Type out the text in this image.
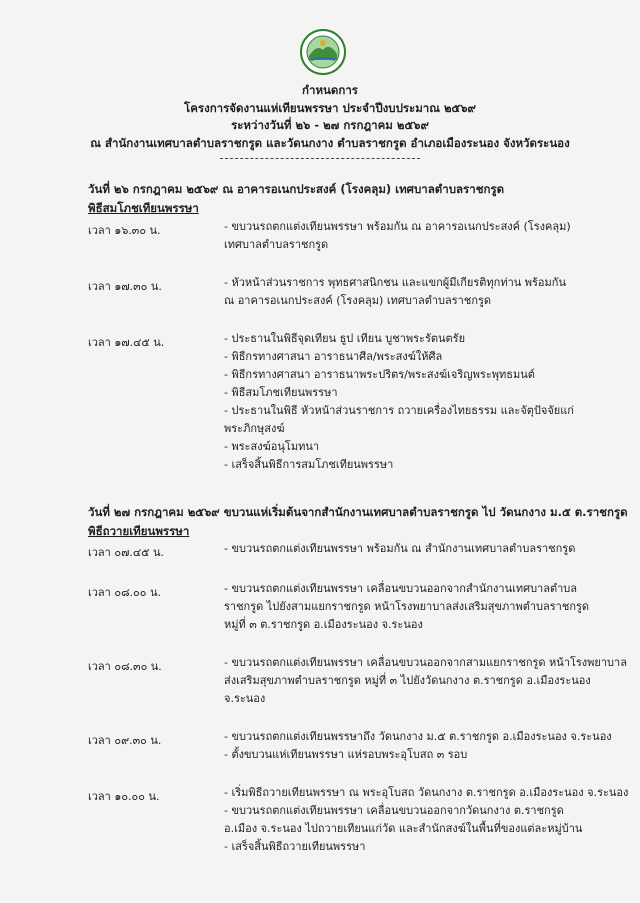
กำหนดการ
โครงการจัดงานแห่เทียนพรรษา ประจำปีงบประมาณ ๒๕๖๙
ระหว่างวันที่ ๒๖ - ๒๗ กรกฎาคม ๒๕๖๙
ณ สำนักงานเทศบาลตำบลราชกรูด และวัดนกงาง ตำบลราชกรูด อำเภอเมืองระนอง จังหวัดระนอง
วันที่ ๒๖ กรกฎาคม ๒๕๖๙ ณ อาคารอเนกประสงค์ (โรงคลุม) เทศบาลตำบลราชกรูด
พิธีสมโภชเทียนพรรษา
เวลา ๑๖.๓๐ น.	- ขบวนรถตกแต่งเทียนพรรษา พร้อมกัน ณ อาคารอเนกประสงค์ (โรงคลุม)
เทศบาลตำบลราชกรูด
เวลา ๑๗.๓๐ น.	- หัวหน้าส่วนราชการ พุทธศาสนิกชน และแขกผู้มีเกียรติทุกท่าน พร้อมกัน
ณ อาคารอเนกประสงค์ (โรงคลุม) เทศบาลตำบลราชกรูด
เวลา ๑๗.๔๕ น.	- ประธานในพิธีจุดเทียน ธูป เทียน บูชาพระรัตนตรัย
- พิธีกรทางศาสนา อาราธนาศีล/พระสงฆ์ให้ศีล
- พิธีกรทางศาสนา อาราธนาพระปริตร/พระสงฆ์เจริญพระพุทธมนต์
- พิธีสมโภชเทียนพรรษา
- ประธานในพิธี หัวหน้าส่วนราชการ ถวายเครื่องไทยธรรม และจัตุปัจจัยแก่
พระภิกษุสงฆ์
- พระสงฆ์อนุโมทนา
- เสร็จสิ้นพิธีการสมโภชเทียนพรรษา
วันที่ ๒๗ กรกฎาคม ๒๕๖๙ ขบวนแห่เริ่มต้นจากสำนักงานเทศบาลตำบลราชกรูด ไป วัดนกงาง ม.๕ ต.ราชกรูด
พิธีถวายเทียนพรรษา
เวลา ๐๗.๔๕ น.	- ขบวนรถตกแต่งเทียนพรรษา พร้อมกัน ณ สำนักงานเทศบาลตำบลราชกรูด
เวลา ๐๘.๐๐ น.	- ขบวนรถตกแต่งเทียนพรรษา เคลื่อนขบวนออกจากสำนักงานเทศบาลตำบล
ราชกรูด ไปยังสามแยกราชกรูด หน้าโรงพยาบาลส่งเสริมสุขภาพตำบลราชกรูด
หมู่ที่ ๓ ต.ราชกรูด อ.เมืองระนอง จ.ระนอง
เวลา ๐๘.๓๐ น.	- ขบวนรถตกแต่งเทียนพรรษา เคลื่อนขบวนออกจากสามแยกราชกรูด หน้าโรงพยาบาล
ส่งเสริมสุขภาพตำบลราชกรูด หมู่ที่ ๓ ไปยังวัดนกงาง ต.ราชกรูด อ.เมืองระนอง
จ.ระนอง
เวลา ๐๙.๓๐ น.	- ขบวนรถตกแต่งเทียนพรรษาถึง วัดนกงาง ม.๕ ต.ราชกรูด อ.เมืองระนอง จ.ระนอง
- ตั้งขบวนแห่เทียนพรรษา แห่รอบพระอุโบสถ ๓ รอบ
เวลา ๑๐.๐๐ น.	- เริ่มพิธีถวายเทียนพรรษา ณ พระอุโบสถ วัดนกงาง ต.ราชกรูด อ.เมืองระนอง จ.ระนอง
- ขบวนรถตกแต่งเทียนพรรษา เคลื่อนขบวนออกจากวัดนกงาง ต.ราชกรูด
อ.เมือง จ.ระนอง ไปถวายเทียนแก่วัด และสำนักสงฆ์ในพื้นที่ของแต่ละหมู่บ้าน
- เสร็จสิ้นพิธีถวายเทียนพรรษา
